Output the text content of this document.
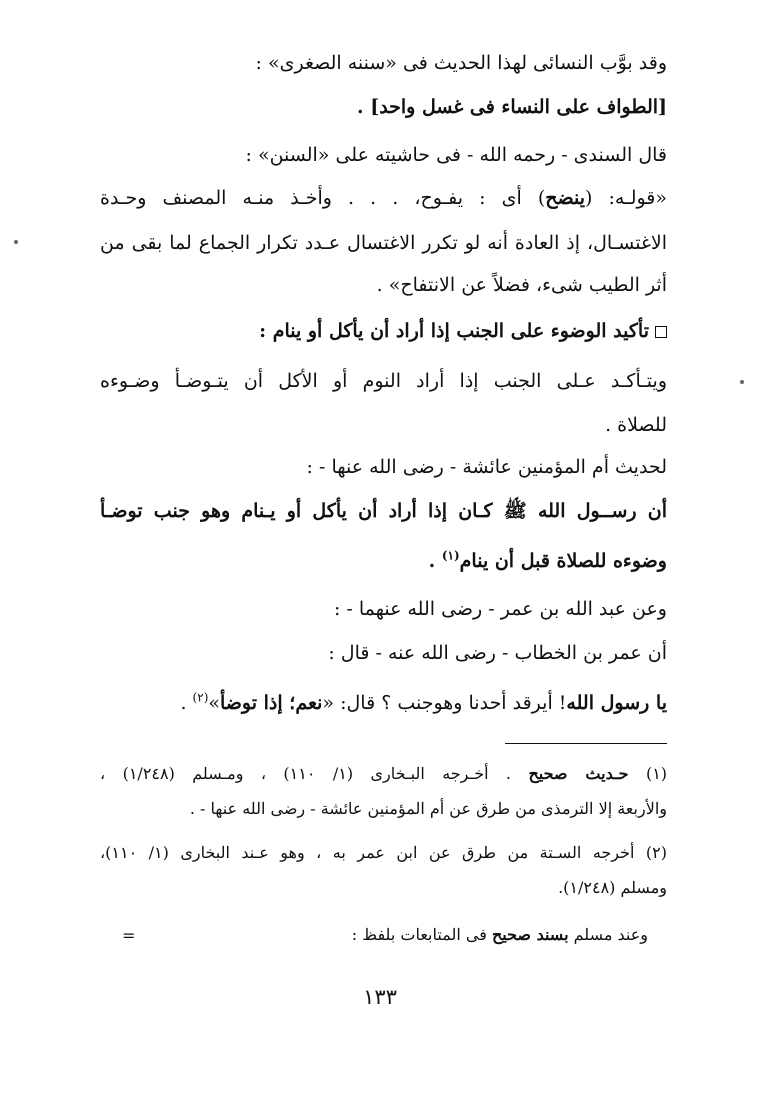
وقد بوَّب النسائى لهذا الحديث فى «سننه الصغرى» :
[الطواف على النساء فى غسل واحد] .
قال السندى - رحمه الله - فى حاشيته على «السنن» :
«قولـه: (ينضح) أى : يفـوح، . . . وأخـذ منـه المصنف وحـدة
الاغتسـال، إذ العادة أنه لو تكرر الاغتسال عـدد تكرار الجماع لما بقى من
أثر الطيب شىء، فضلاً عن الانتفاح» .
تأكيد الوضوء على الجنب إذا أراد أن يأكل أو ينام :
ويتـأكـد عـلى الجنب إذا أراد النوم أو الأكل أن يتـوضـأ وضـوءه
للصلاة .
لحديث أم المؤمنين عائشة - رضى الله عنها - :
أن رســول الله ﷺ كـان إذا أراد أن يأكل أو يـنام وهو جنب توضـأ
وضوءه للصلاة قبل أن ينام$^{(١)}$ .
وعن عبد الله بن عمر - رضى الله عنهما - :
أن عمر بن الخطاب - رضى الله عنه - قال :
يا رسول الله! أيرقد أحدنا وهوجنب ؟ قال: «نعم؛ إذا توضأ»$^{(٢)}$ .
(١) حـديث صحيح . أخـرجه البـخارى (١/ ١١٠) ، ومـسلم (١/٢٤٨) ،
والأربعة إلا الترمذى من طرق عن أم المؤمنين عائشة - رضى الله عنها - .
(٢) أخرجه السـتة من طرق عن ابن عمر به ، وهو عـند البخارى (١/ ١١٠)،
ومسلم (١/٢٤٨).
وعند مسلم بسند صحيح فى المتابعات بلفظ :
=
١٣٣
